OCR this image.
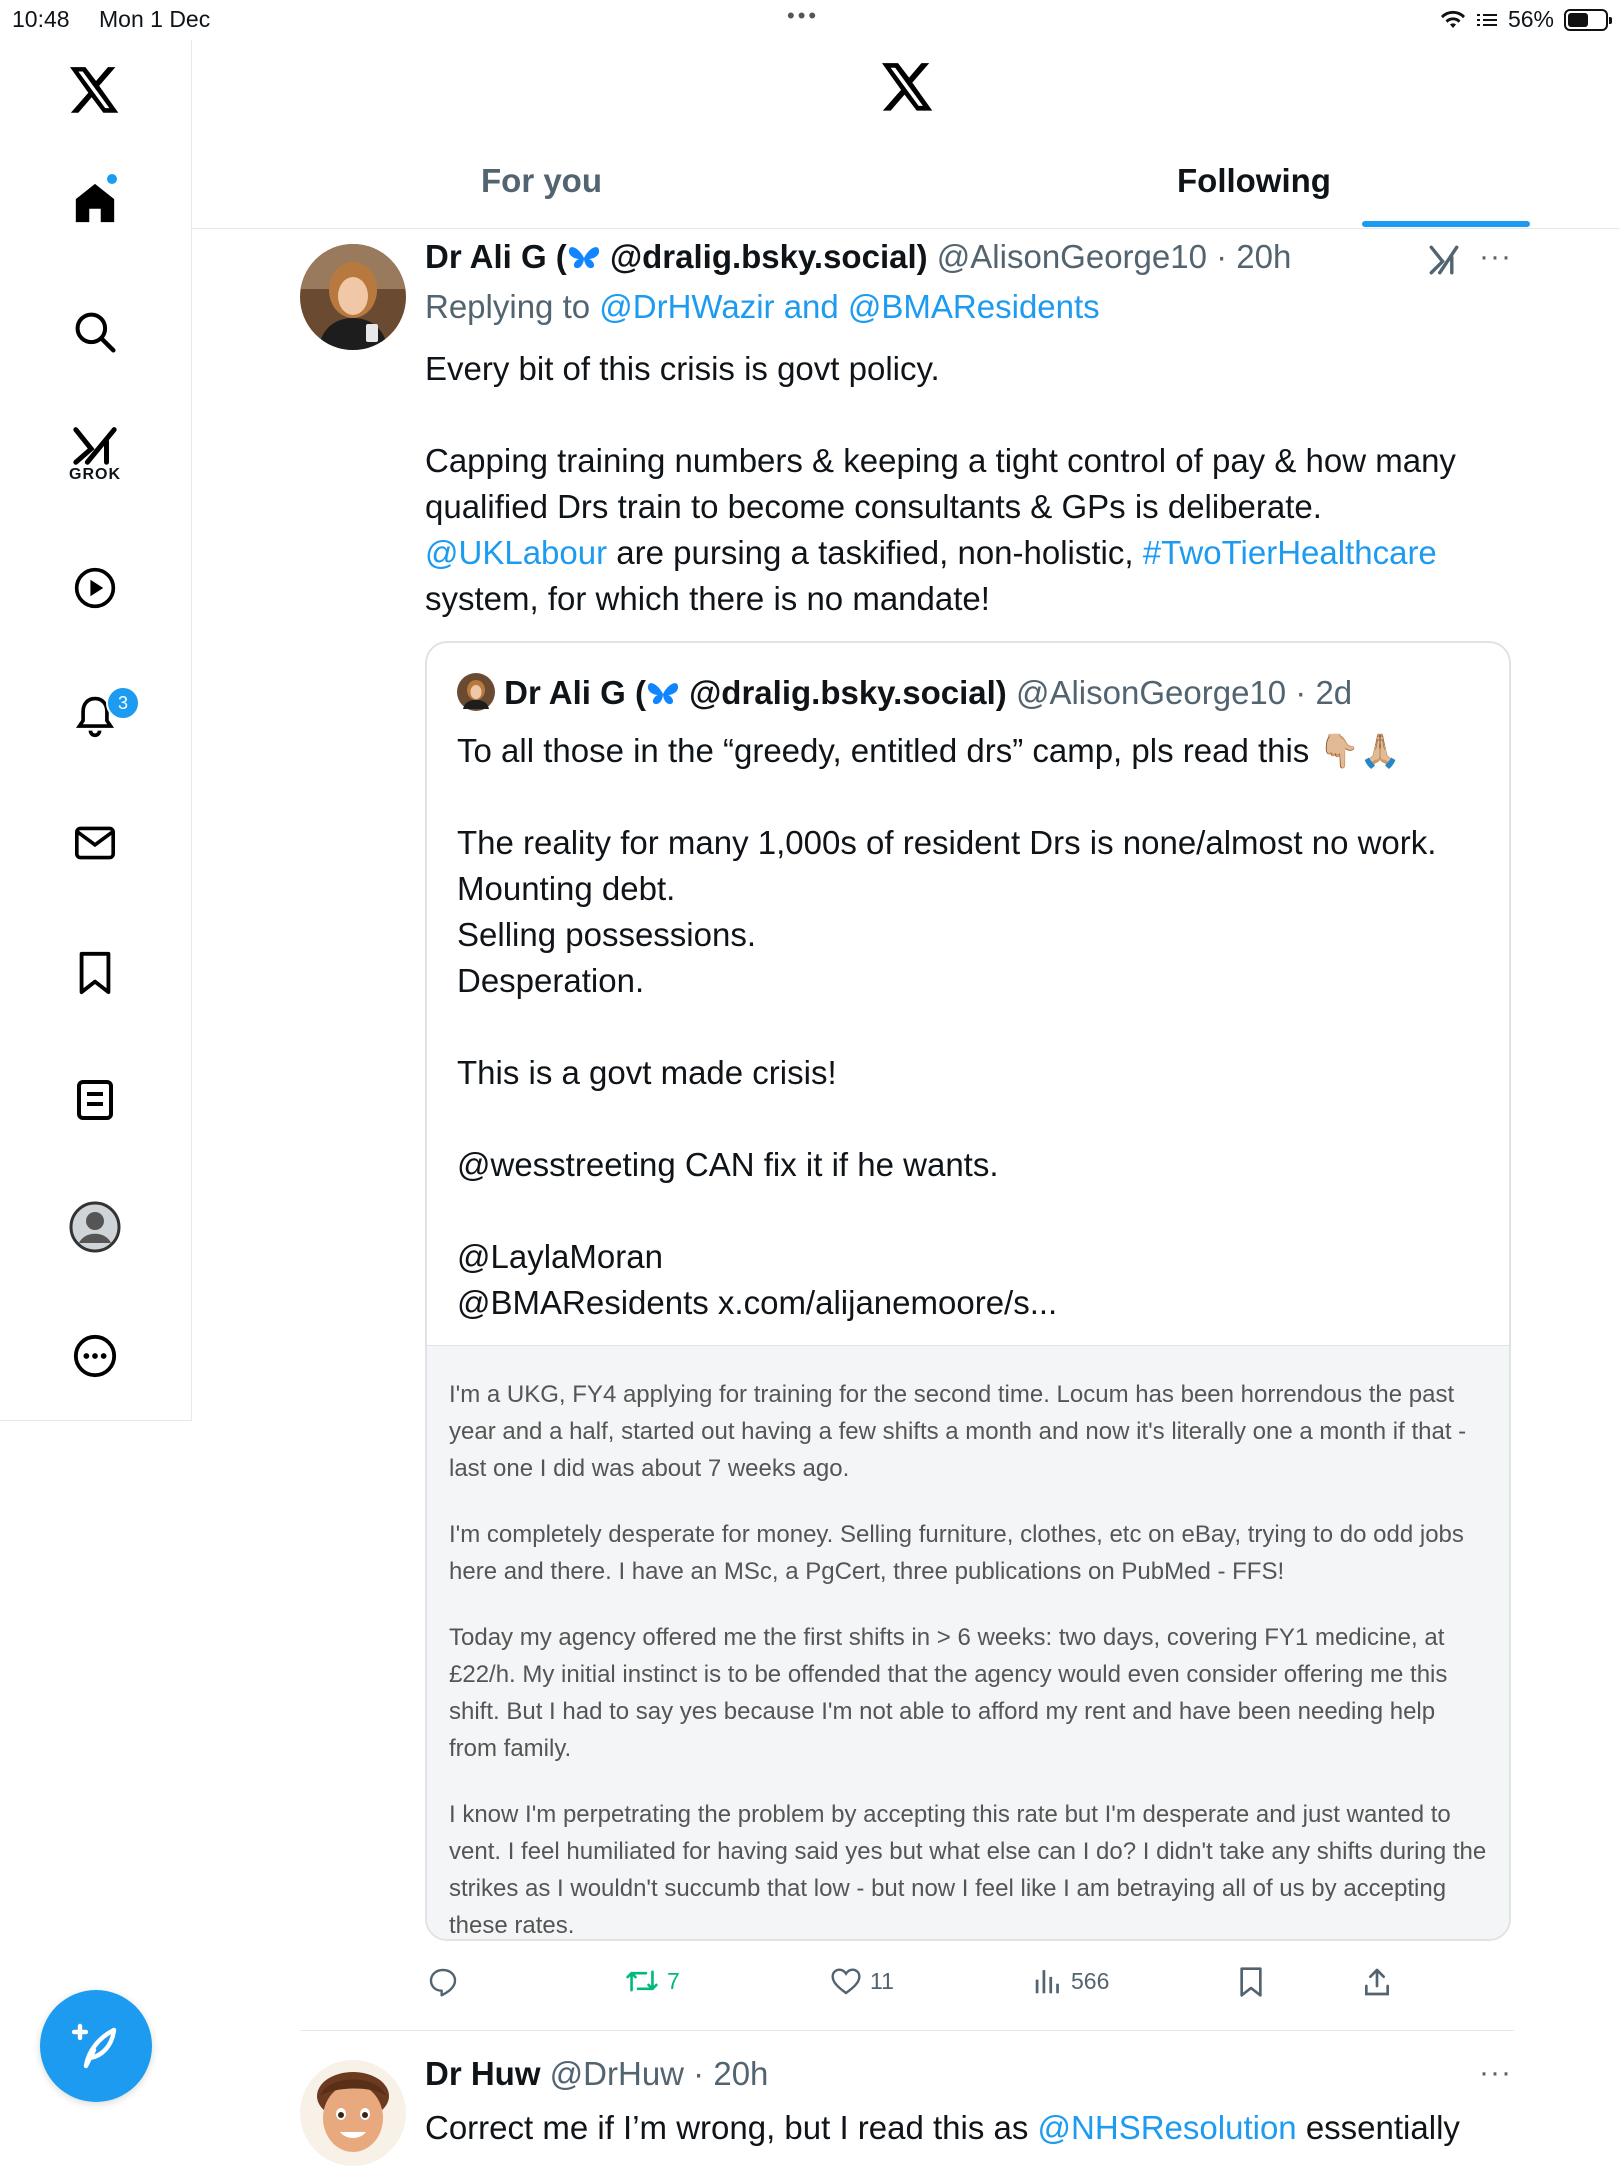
10:48 Mon 1 Dec	•••	56%
GROK
3
For you	Following
Dr Ali G ( @dralig.bsky.social) @AlisonGeorge10 · 20h	···
Replying to @DrHWazir and @BMAResidents

Every bit of this crisis is govt policy.

Capping training numbers & keeping a tight control of pay & how many qualified Drs train to become consultants & GPs is deliberate.
@UKLabour are pursing a taskified, non-holistic, #TwoTierHealthcare
system, for which there is no mandate!

Dr Ali G ( @dralig.bsky.social) @AlisonGeorge10 · 2d

To all those in the “greedy, entitled drs” camp, pls read this 👇🏼🙏🏼

The reality for many 1,000s of resident Drs is none/almost no work.

Mounting debt.

Selling possessions.

Desperation.

This is a govt made crisis!

@wesstreeting CAN fix it if he wants.

@LaylaMoran

@BMAResidents x.com/alijanemoore/s...

I'm a UKG, FY4 applying for training for the second time. Locum has been horrendous the past year and a half, started out having a few shifts a month and now it's literally one a month if that - last one I did was about 7 weeks ago.

I'm completely desperate for money. Selling furniture, clothes, etc on eBay, trying to do odd jobs here and there. I have an MSc, a PgCert, three publications on PubMed - FFS!

Today my agency offered me the first shifts in > 6 weeks: two days, covering FY1 medicine, at £22/h. My initial instinct is to be offended that the agency would even consider offering me this shift. But I had to say yes because I'm not able to afford my rent and have been needing help from family.

I know I'm perpetrating the problem by accepting this rate but I'm desperate and just wanted to vent. I feel humiliated for having said yes but what else can I do? I didn't take any shifts during the strikes as I wouldn't succumb that low - but now I feel like I am betraying all of us by accepting these rates.

7	11	566
Dr Huw @DrHuw · 20h	···
Correct me if I’m wrong, but I read this as @NHSResolution essentially
